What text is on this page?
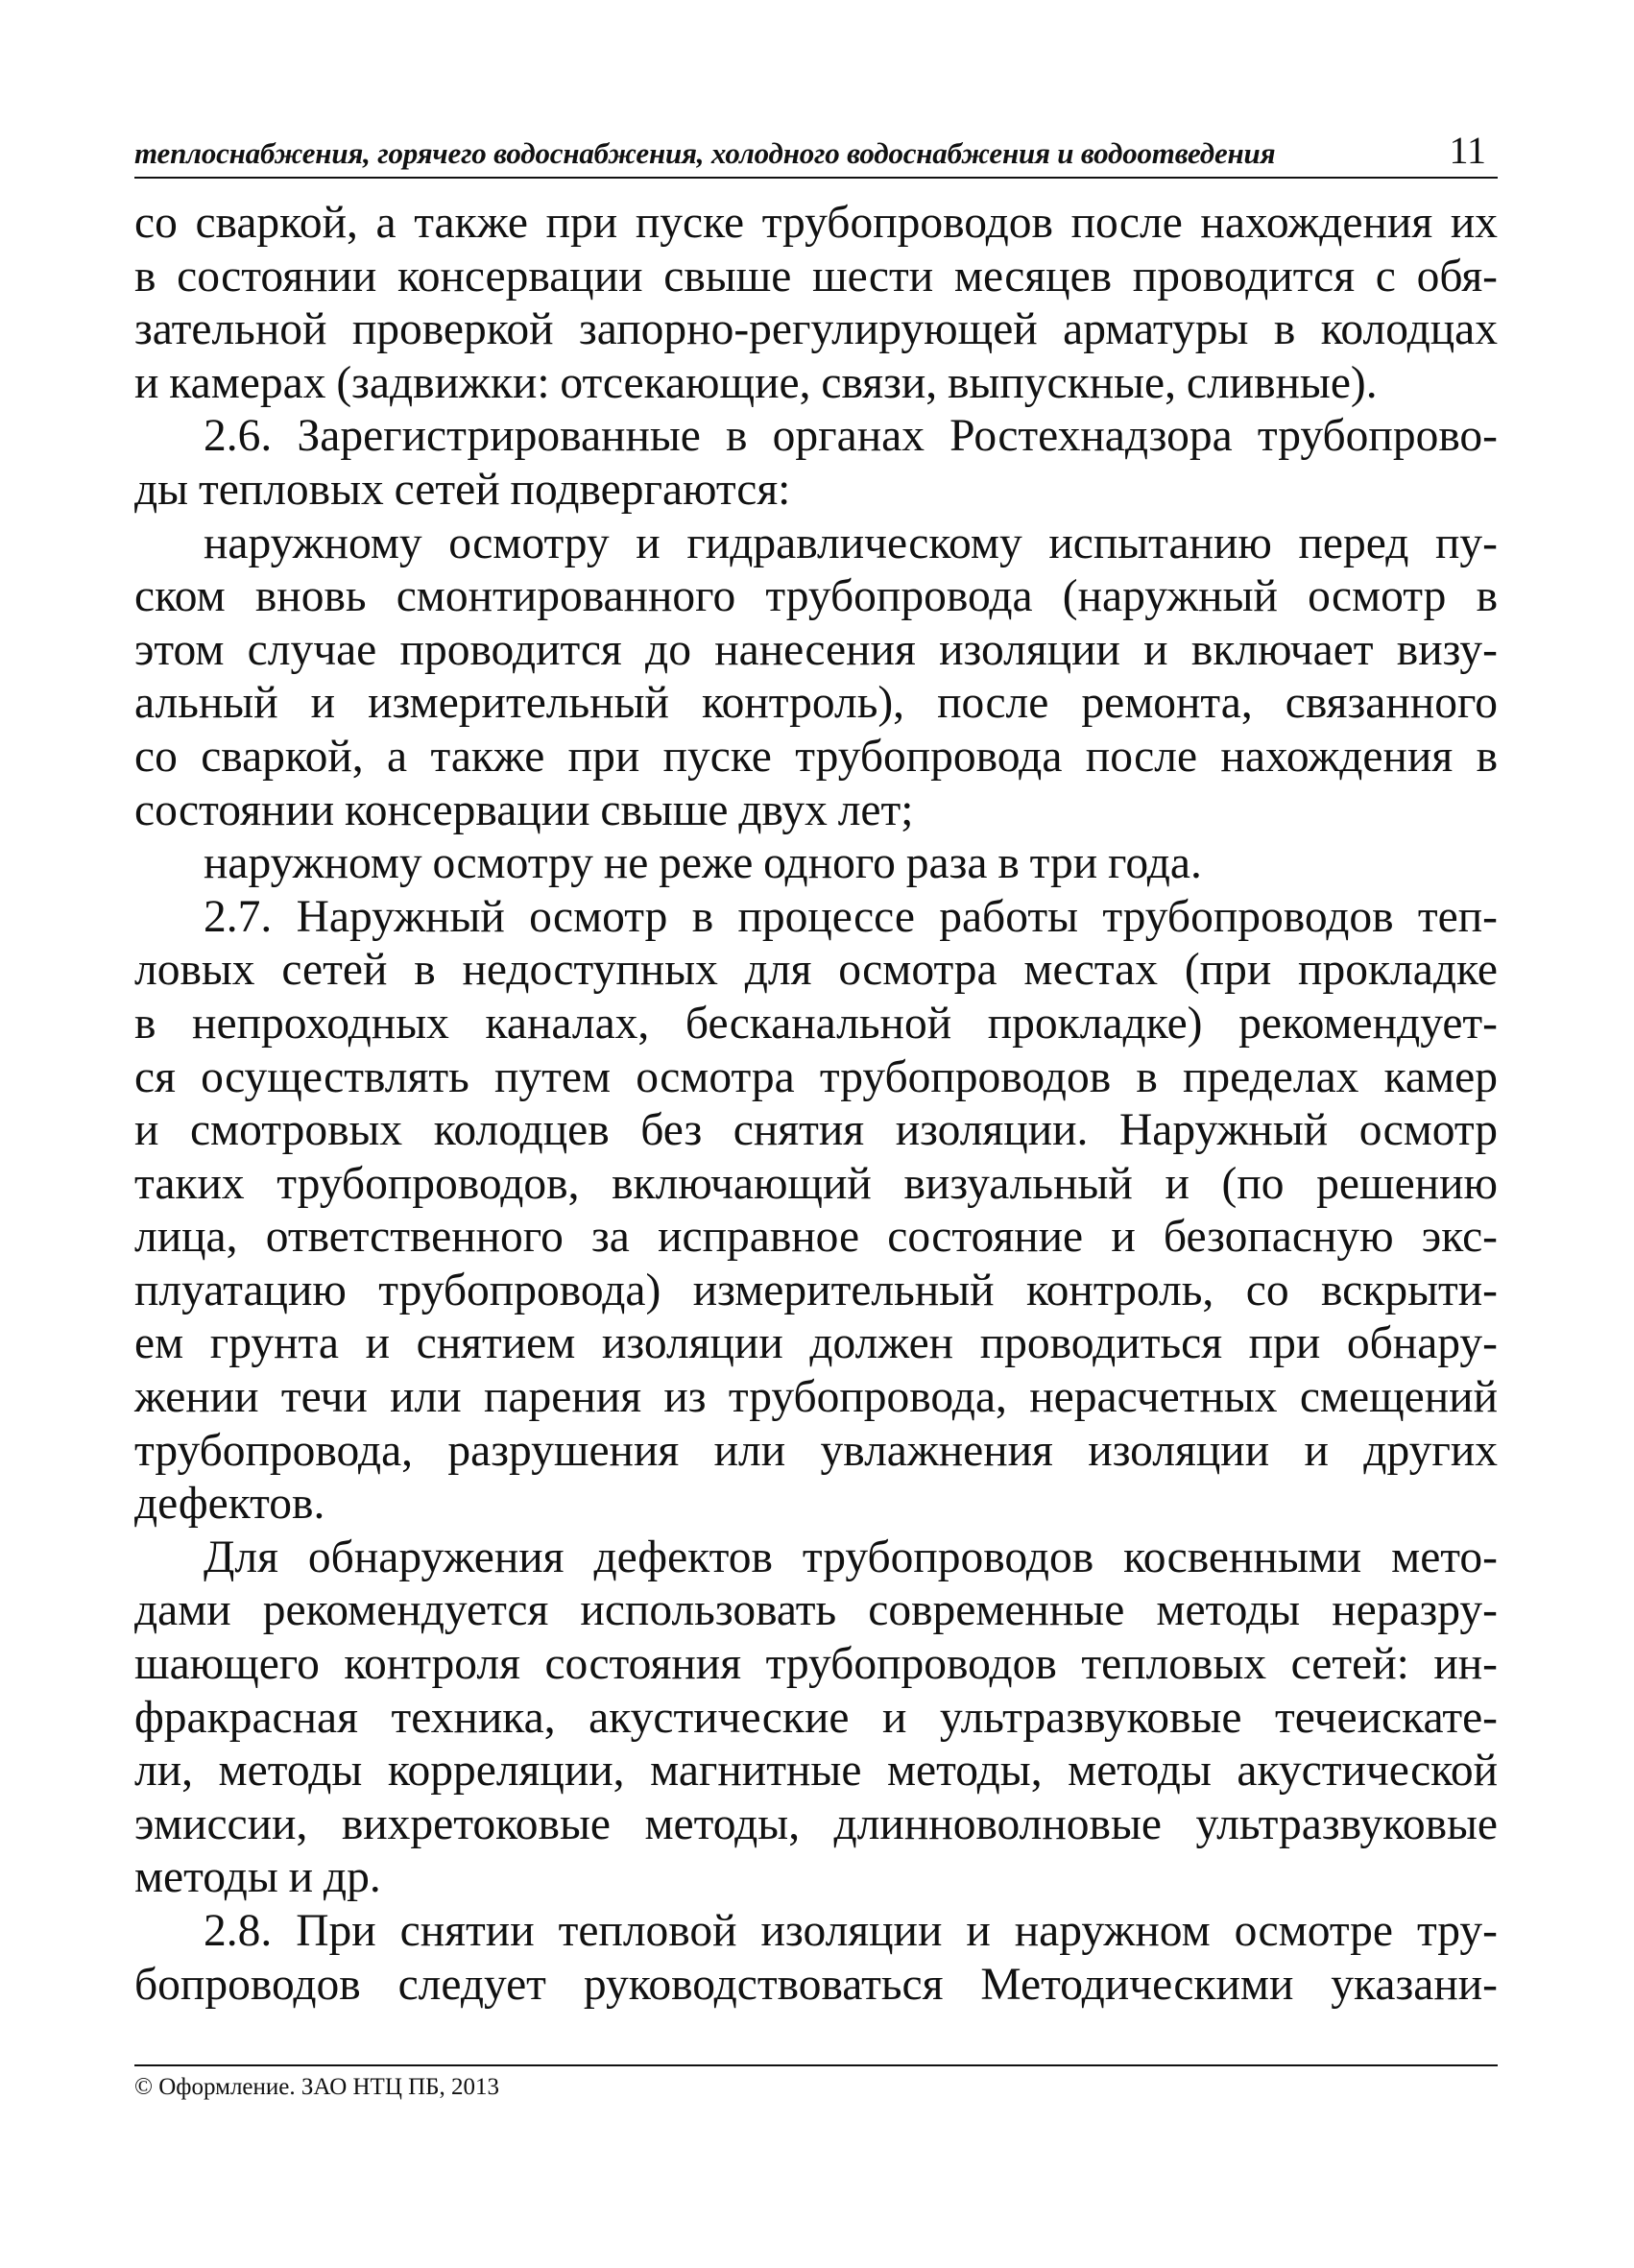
теплоснабжения, горячего водоснабжения, холодного водоснабжения и водоотведения	11
со сваркой, а также при пуске трубопроводов после нахождения их
в состоянии консервации свыше шести месяцев проводится с обя-
зательной проверкой запорно-регулирующей арматуры в колодцах
и камерах (задвижки: отсекающие, связи, выпускные, сливные).
2.6. Зарегистрированные в органах Ростехнадзора трубопрово-
ды тепловых сетей подвергаются:
наружному осмотру и гидравлическому испытанию перед пу-
ском вновь смонтированного трубопровода (наружный осмотр в
этом случае проводится до нанесения изоляции и включает визу-
альный и измерительный контроль), после ремонта, связанного
со сваркой, а также при пуске трубопровода после нахождения в
состоянии консервации свыше двух лет;
наружному осмотру не реже одного раза в три года.
2.7. Наружный осмотр в процессе работы трубопроводов теп-
ловых сетей в недоступных для осмотра местах (при прокладке
в непроходных каналах, бесканальной прокладке) рекомендует-
ся осуществлять путем осмотра трубопроводов в пределах камер
и смотровых колодцев без снятия изоляции. Наружный осмотр
таких трубопроводов, включающий визуальный и (по решению
лица, ответственного за исправное состояние и безопасную экс-
плуатацию трубопровода) измерительный контроль, со вскрыти-
ем грунта и снятием изоляции должен проводиться при обнару-
жении течи или парения из трубопровода, нерасчетных смещений
трубопровода, разрушения или увлажнения изоляции и других
дефектов.
Для обнаружения дефектов трубопроводов косвенными мето-
дами рекомендуется использовать современные методы неразру-
шающего контроля состояния трубопроводов тепловых сетей: ин-
фракрасная техника, акустические и ультразвуковые течеискате-
ли, методы корреляции, магнитные методы, методы акустической
эмиссии, вихретоковые методы, длинноволновые ультразвуковые
методы и др.
2.8. При снятии тепловой изоляции и наружном осмотре тру-
бопроводов следует руководствоваться Методическими указани-
© Оформление. ЗАО НТЦ ПБ, 2013
